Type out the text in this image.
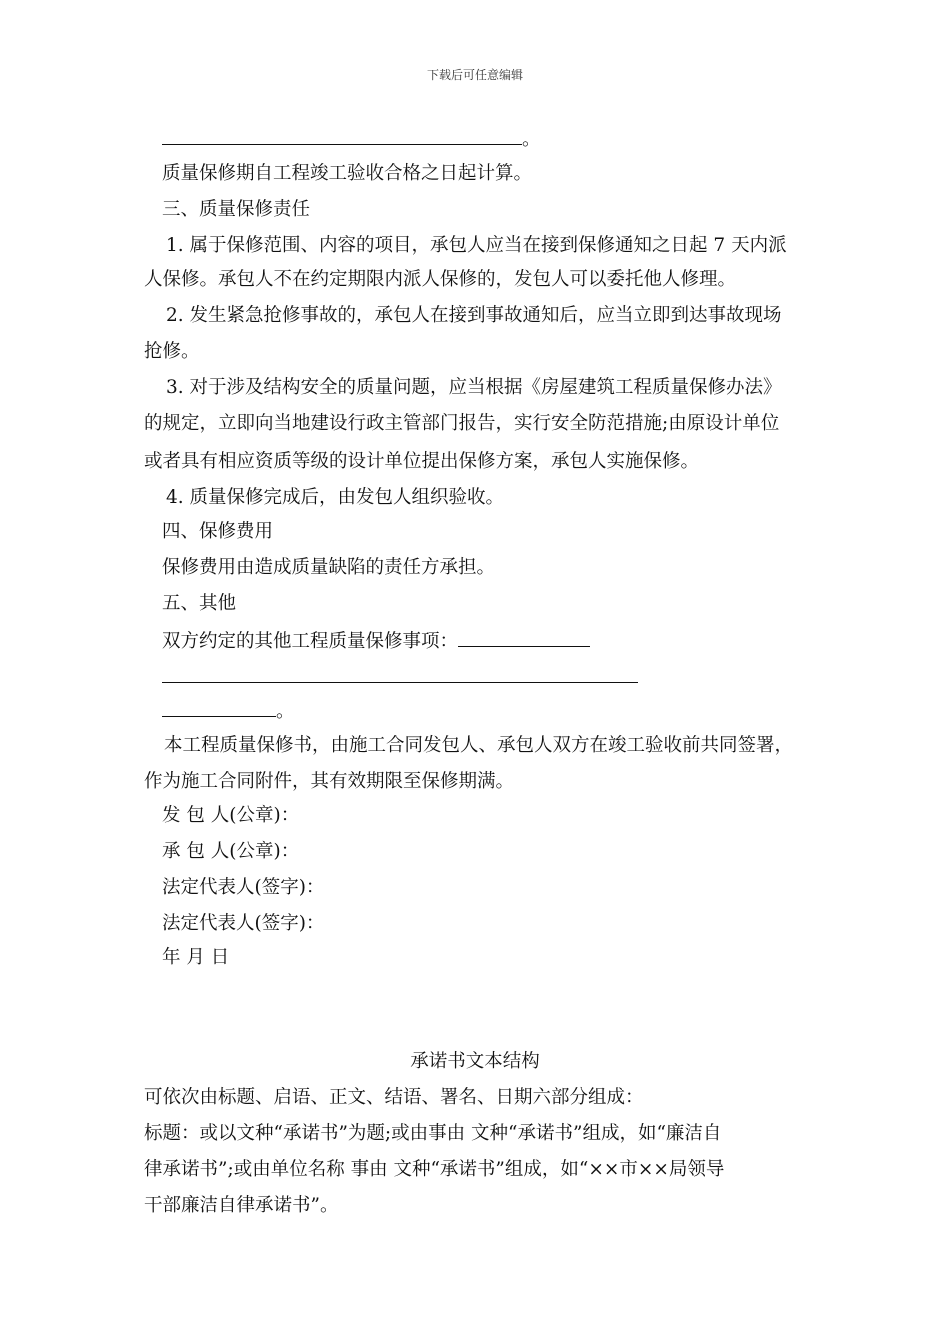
下载后可任意编辑
。
质量保修期自工程竣工验收合格之日起计算。
三、质量保修责任
1. 属于保修范围、内容的项目，承包人应当在接到保修通知之日起 7 天内派
人保修。承包人不在约定期限内派人保修的，发包人可以委托他人修理。
2. 发生紧急抢修事故的，承包人在接到事故通知后，应当立即到达事故现场
抢修。
3. 对于涉及结构安全的质量问题，应当根据《房屋建筑工程质量保修办法》
的规定，立即向当地建设行政主管部门报告，实行安全防范措施;由原设计单位
或者具有相应资质等级的设计单位提出保修方案，承包人实施保修。
4. 质量保修完成后，由发包人组织验收。
四、保修费用
保修费用由造成质量缺陷的责任方承担。
五、其他
双方约定的其他工程质量保修事项：
。
本工程质量保修书，由施工合同发包人、承包人双方在竣工验收前共同签署，
作为施工合同附件，其有效期限至保修期满。
发 包 人(公章)：
承 包 人(公章)：
法定代表人(签字)：
法定代表人(签字)：
年 月 日
承诺书文本结构
可依次由标题、启语、正文、结语、署名、日期六部分组成：
标题：或以文种“承诺书”为题;或由事由 文种“承诺书”组成，如“廉洁自
律承诺书”;或由单位名称 事由 文种“承诺书”组成，如“××市××局领导
干部廉洁自律承诺书”。
